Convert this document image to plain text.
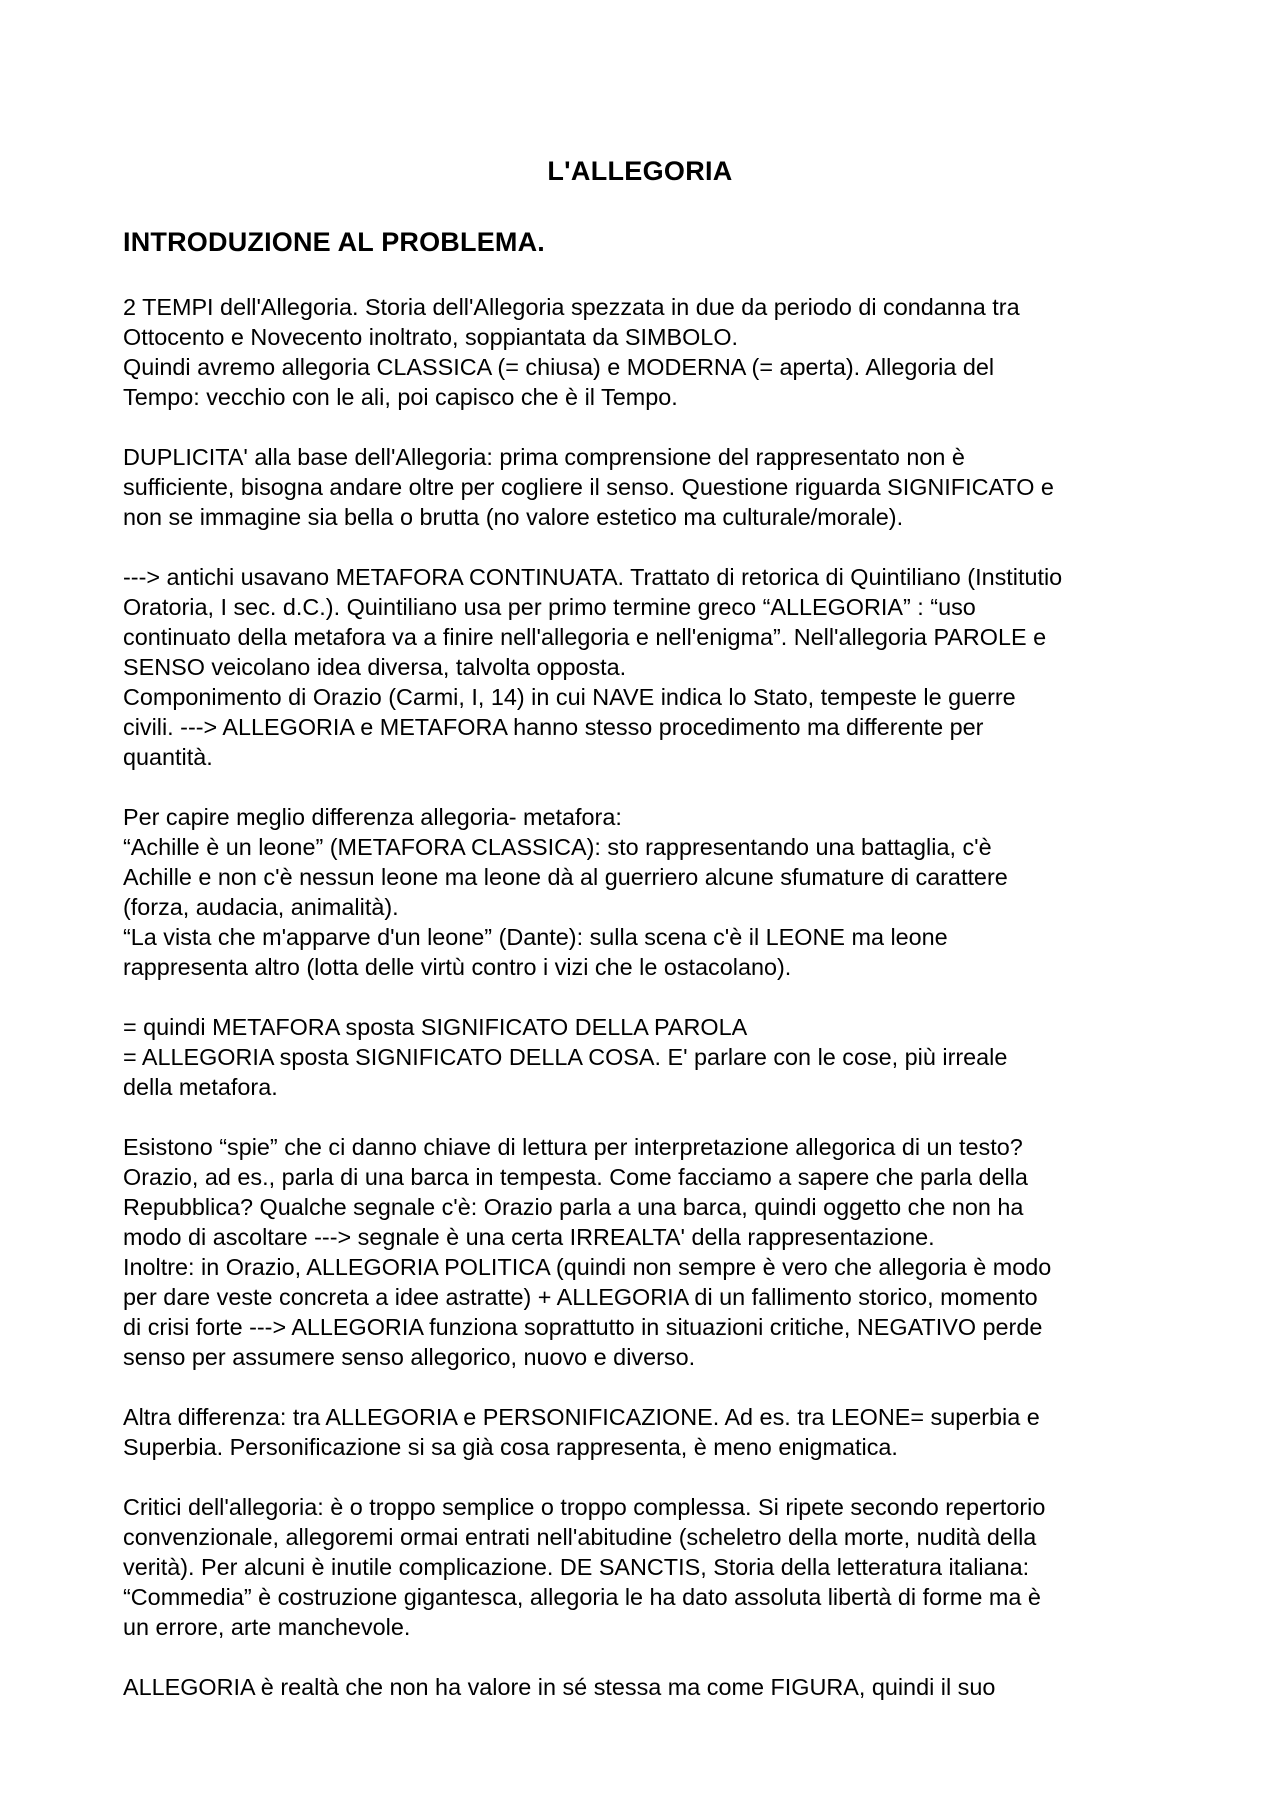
L'ALLEGORIA
INTRODUZIONE AL PROBLEMA.
2 TEMPI dell'Allegoria. Storia dell'Allegoria spezzata in due da periodo di condanna tra
Ottocento e Novecento inoltrato, soppiantata da SIMBOLO.
Quindi avremo allegoria CLASSICA (= chiusa) e MODERNA (= aperta). Allegoria del
Tempo: vecchio con le ali, poi capisco che è il Tempo.
DUPLICITA' alla base dell'Allegoria: prima comprensione del rappresentato non è
sufficiente, bisogna andare oltre per cogliere il senso. Questione riguarda SIGNIFICATO e
non se immagine sia bella o brutta (no valore estetico ma culturale/morale).
---> antichi usavano METAFORA CONTINUATA. Trattato di retorica di Quintiliano (Institutio
Oratoria, I sec. d.C.). Quintiliano usa per primo termine greco “ALLEGORIA” : “uso
continuato della metafora va a finire nell'allegoria e nell'enigma”. Nell'allegoria PAROLE e
SENSO veicolano idea diversa, talvolta opposta.
Componimento di Orazio (Carmi, I, 14) in cui NAVE indica lo Stato, tempeste le guerre
civili. ---> ALLEGORIA e METAFORA hanno stesso procedimento ma differente per
quantità.
Per capire meglio differenza allegoria- metafora:
“Achille è un leone” (METAFORA CLASSICA): sto rappresentando una battaglia, c'è
Achille e non c'è nessun leone ma leone dà al guerriero alcune sfumature di carattere
(forza, audacia, animalità).
“La vista che m'apparve d'un leone” (Dante): sulla scena c'è il LEONE ma leone
rappresenta altro (lotta delle virtù contro i vizi che le ostacolano).
= quindi METAFORA sposta SIGNIFICATO DELLA PAROLA
= ALLEGORIA sposta SIGNIFICATO DELLA COSA. E' parlare con le cose, più irreale
della metafora.
Esistono “spie” che ci danno chiave di lettura per interpretazione allegorica di un testo?
Orazio, ad es., parla di una barca in tempesta. Come facciamo a sapere che parla della
Repubblica? Qualche segnale c'è: Orazio parla a una barca, quindi oggetto che non ha
modo di ascoltare ---> segnale è una certa IRREALTA' della rappresentazione.
Inoltre: in Orazio, ALLEGORIA POLITICA (quindi non sempre è vero che allegoria è modo
per dare veste concreta a idee astratte) + ALLEGORIA di un fallimento storico, momento
di crisi forte ---> ALLEGORIA funziona soprattutto in situazioni critiche, NEGATIVO perde
senso per assumere senso allegorico, nuovo e diverso.
Altra differenza: tra ALLEGORIA e PERSONIFICAZIONE. Ad es. tra LEONE= superbia e
Superbia. Personificazione si sa già cosa rappresenta, è meno enigmatica.
Critici dell'allegoria: è o troppo semplice o troppo complessa. Si ripete secondo repertorio
convenzionale, allegoremi ormai entrati nell'abitudine (scheletro della morte, nudità della
verità). Per alcuni è inutile complicazione. DE SANCTIS, Storia della letteratura italiana:
“Commedia” è costruzione gigantesca, allegoria le ha dato assoluta libertà di forme ma è
un errore, arte manchevole.
ALLEGORIA è realtà che non ha valore in sé stessa ma come FIGURA, quindi il suo
